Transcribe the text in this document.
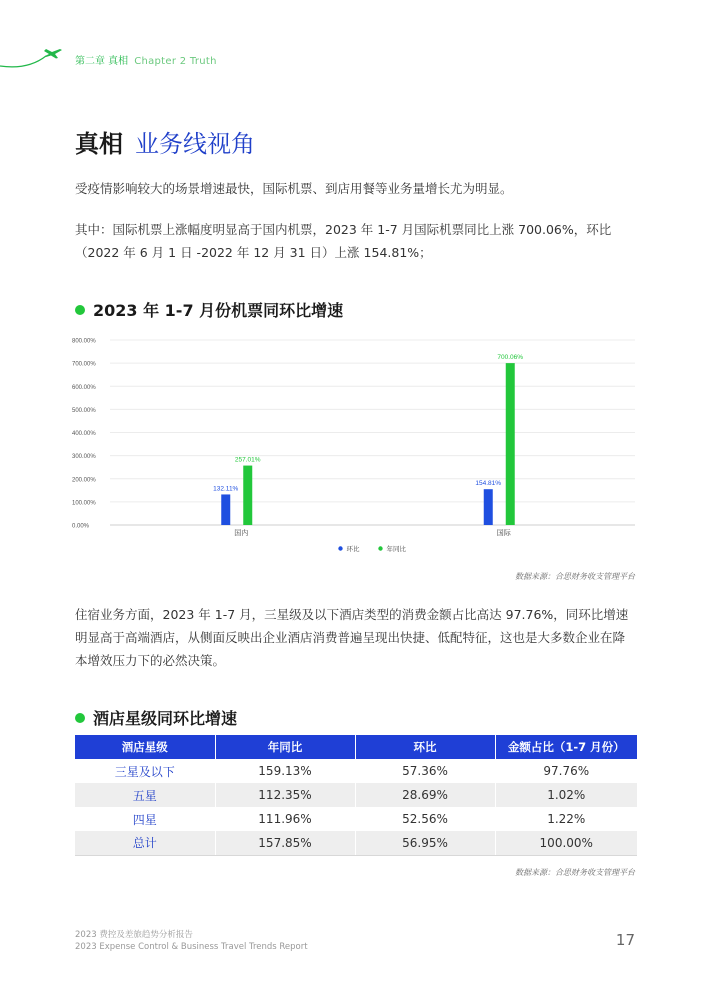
第二章 真相 Chapter 2 Truth
真相 业务线视角

受疫情影响较大的场景增速最快，国际机票、到店用餐等业务量增长尤为明显。

其中：国际机票上涨幅度明显高于国内机票，2023 年 1-7 月国际机票同比上涨 700.06%，环比（2022 年 6 月 1 日 -2022 年 12 月 31 日）上涨 154.81%；

2023 年 1-7 月份机票同环比增速
0.00%
100.00%
200.00%
300.00%
400.00%
500.00%
600.00%
700.00%
800.00%
132.11%
257.01%
国内
154.81%
700.06%
国际
环比	年同比
数据来源：合思财务收支管理平台

住宿业务方面，2023 年 1-7 月，三星级及以下酒店类型的消费金额占比高达 97.76%，同环比增速明显高于高端酒店，从侧面反映出企业酒店消费普遍呈现出快捷、低配特征，这也是大多数企业在降本增效压力下的必然决策。

酒店星级同环比增速
酒店星级	年同比	环比	金额占比（1-7 月份）
三星及以下	159.13%	57.36%	97.76%
五星	112.35%	28.69%	1.02%
四星	111.96%	52.56%	1.22%
总计	157.85%	56.95%	100.00%
数据来源：合思财务收支管理平台
2023 费控及差旅趋势分析报告
2023 Expense Control & Business Travel Trends Report	17
